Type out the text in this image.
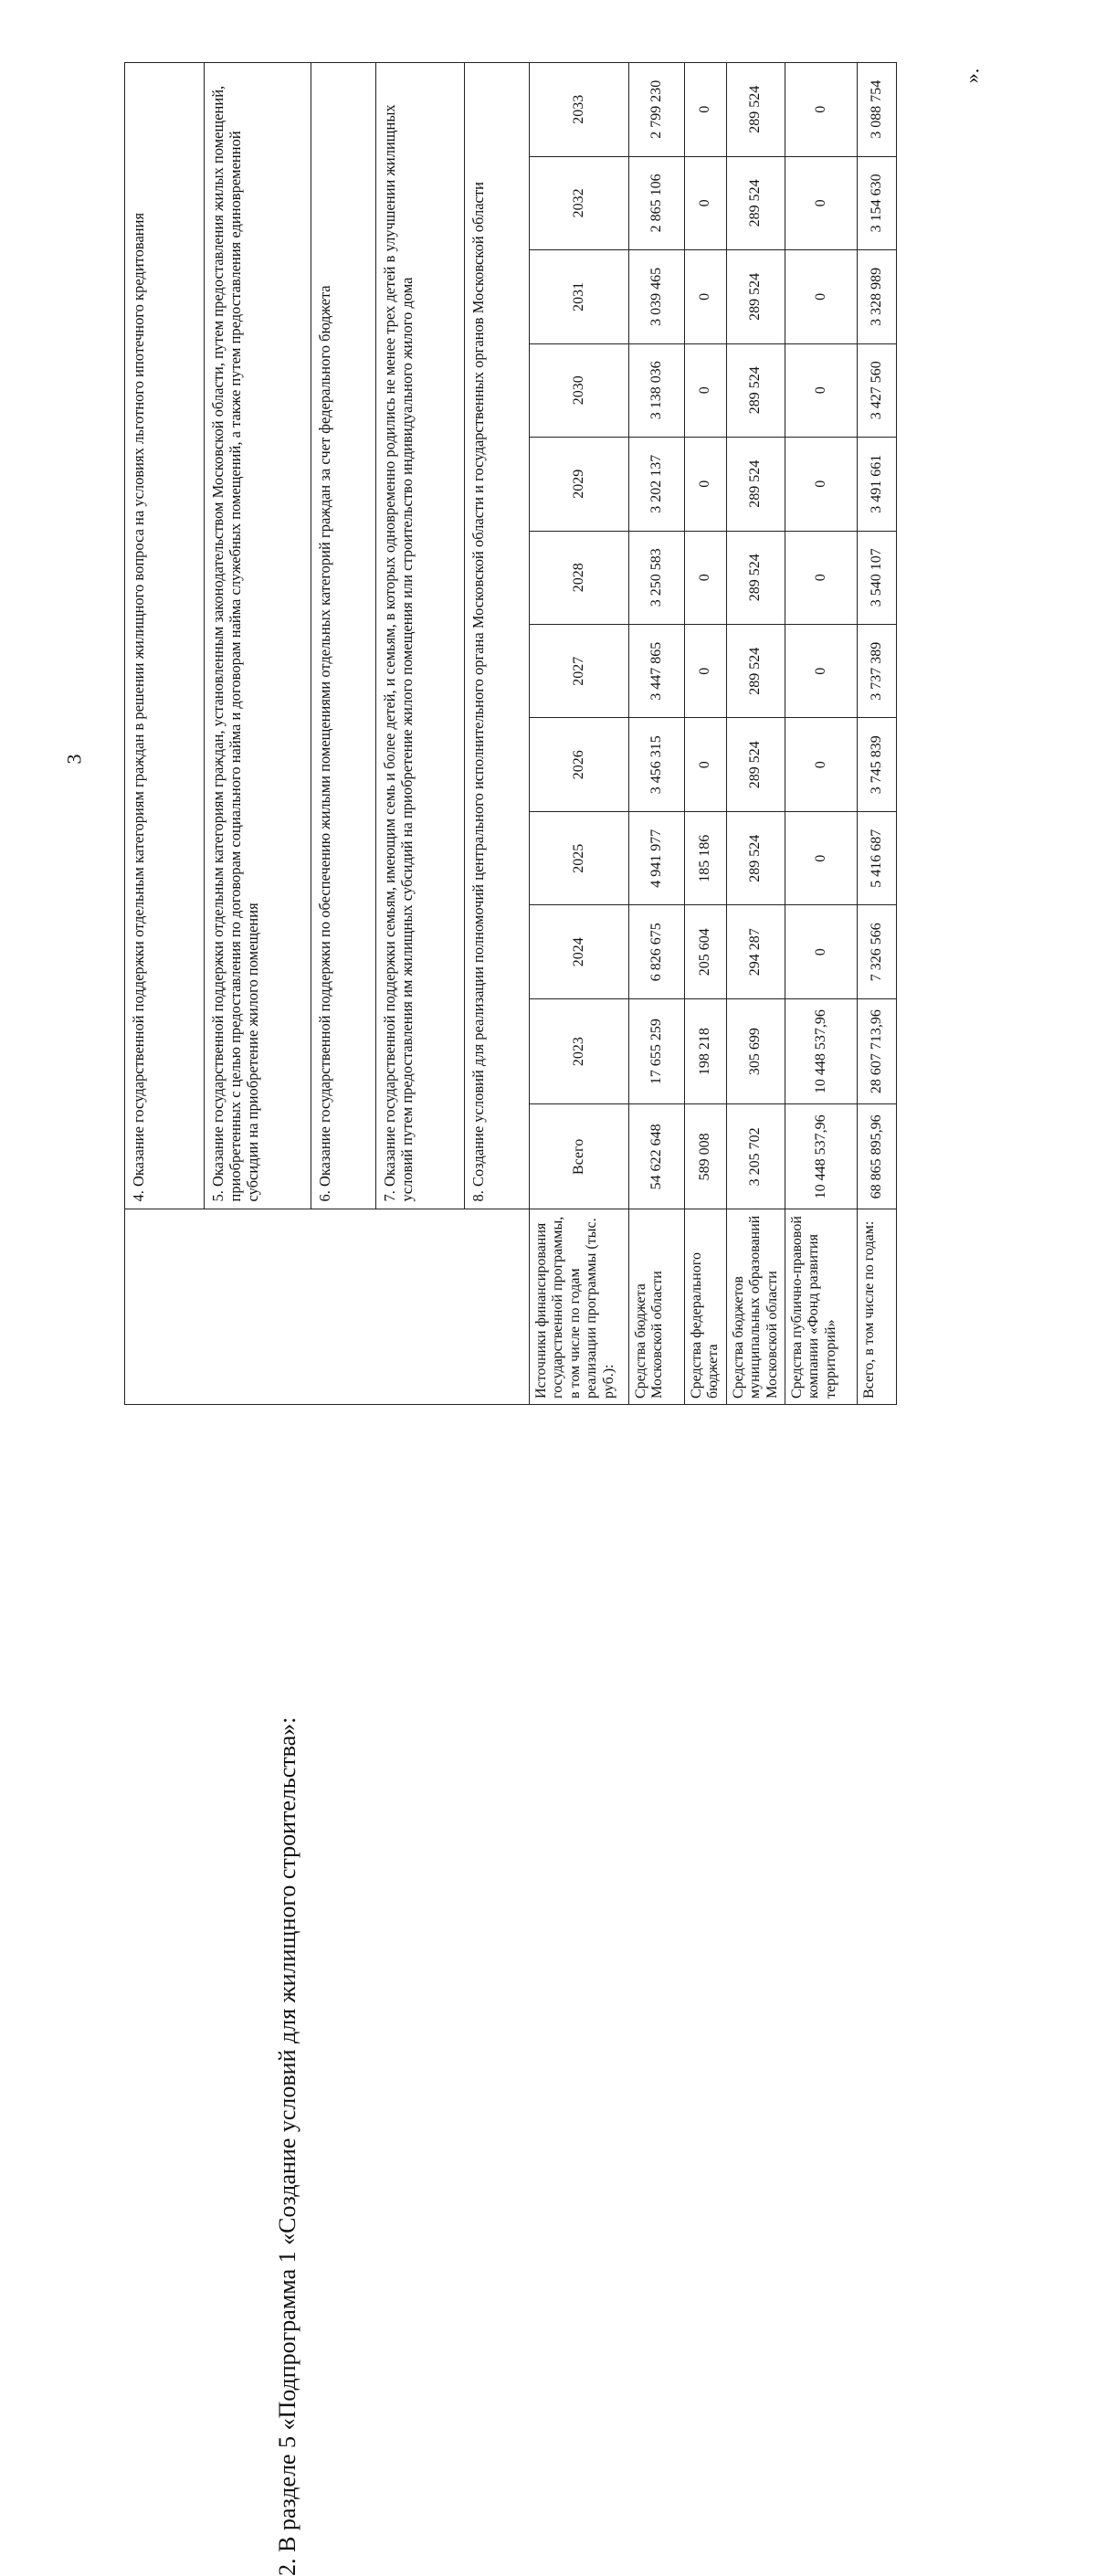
3
		4. Оказание государственной поддержки отдельным категориям граждан в решении жилищного вопроса на условиях льготного ипотечного кредитования											
	5. Оказание государственной поддержки отдельным категориям граждан, установленным законодательством Московской области, путем предоставления жилых помещений, приобретенных с целью предоставления по договорам социального найма и договорам найма служебных помещений, а также путем предоставления единовременной субсидии на приобретение жилого помещения											
	6. Оказание государственной поддержки по обеспечению жилыми помещениями отдельных категорий граждан за счет федерального бюджета											
	7. Оказание государственной поддержки семьям, имеющим семь и более детей, и семьям, в которых одновременно родились не менее трех детей в улучшении жилищных условий путем предоставления им жилищных субсидий на приобретение жилого помещения или строительство индивидуального жилого дома											
	8. Создание условий для реализации полномочий центрального исполнительного органа Московской области и государственных органов Московской области											
Источники финансирования государственной программы, в том числе по годам реализации программы (тыс. руб.):	Всего	2023	2024	2025	2026	2027	2028	2029	2030	2031	2032	2033
Средства бюджета Московской области	54 622 648	17 655 259	6 826 675	4 941 977	3 456 315	3 447 865	3 250 583	3 202 137	3 138 036	3 039 465	2 865 106	2 799 230
Средства федерального бюджета	589 008	198 218	205 604	185 186	0	0	0	0	0	0	0	0
Средства бюджетов муниципальных образований Московской области	3 205 702	305 699	294 287	289 524	289 524	289 524	289 524	289 524	289 524	289 524	289 524	289 524
Средства публично-правовой компании «Фонд развития территорий»	10 448 537,96	10 448 537,96	0	0	0	0	0	0	0	0	0	0
Всего, в том числе по годам:	68 865 895,96	28 607 713,96	7 326 566	5 416 687	3 745 839	3 737 389	3 540 107	3 491 661	3 427 560	3 328 989	3 154 630	3 088 754
».
2. В разделе 5 «Подпрограмма 1 «Создание условий для жилищного строительства»:
